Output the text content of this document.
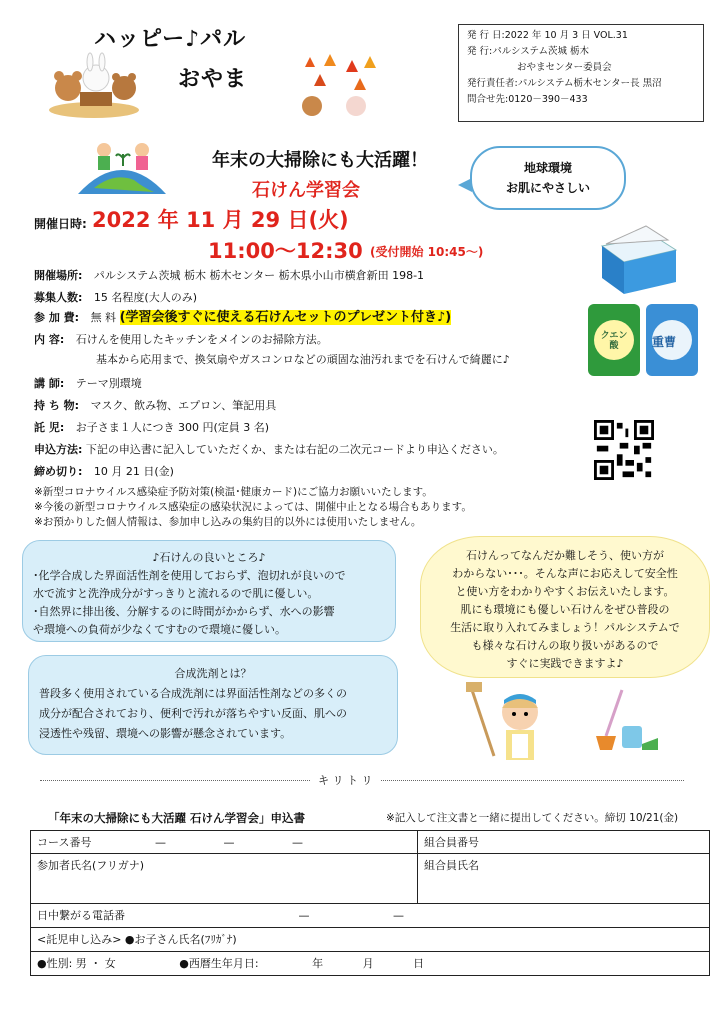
ハッピー♪パル
おやま
発 行 日:2022 年 10 月 3 日 VOL.31
発 行:パルシステム茨城 栃木
おやまセンター委員会
発行責任者:パルシステム栃木センター長 黒沼
問合せ先:0120－390－433
年末の大掃除にも大活躍！
石けん学習会
地球環境
お肌にやさしい
開催日時: 2022 年 11 月 29 日(火)
11:00～12:30 (受付開始 10:45～)
開催場所: パルシステム茨城 栃木 栃木センター 栃木県小山市横倉新田 198-1
募集人数: 15 名程度(大人のみ)
参 加 費: 無 料 (学習会後すぐに使える石けんセットのプレゼント付き♪)
内 容: 石けんを使用したキッチンをメインのお掃除方法。
基本から応用まで、換気扇やガスコンロなどの頑固な油汚れまでを石けんで綺麗に♪
クエン酸	重曹
講 師: テーマ別環境
持 ち 物: マスク、飲み物、エプロン、筆記用具
託 児: お子さま１人につき 300 円(定員 3 名)
申込方法: 下記の申込書に記入していただくか、または右記の二次元コードより申込ください。
締め切り: 10 月 21 日(金)
※新型コロナウイルス感染症予防対策(検温･健康カード)にご協力お願いいたします。
※今後の新型コロナウイルス感染症の感染状況によっては、開催中止となる場合もあります。
※お預かりした個人情報は、参加申し込みの集約目的以外には使用いたしません。
♪石けんの良いところ♪
･化学合成した界面活性剤を使用しておらず、泡切れが良いので
水で流すと洗浄成分がすっきりと流れるので肌に優しい。
･自然界に排出後、分解するのに時間がかからず、水への影響
や環境への負荷が少なくてすむので環境に優しい。
合成洗剤とは？
普段多く使用されている合成洗剤には界面活性剤などの多くの
成分が配合されており、便利で汚れが落ちやすい反面、肌への
浸透性や残留、環境への影響が懸念されています。
石けんってなんだか難しそう、使い方が
わからない･･･。そんな声にお応えして安全性
と使い方をわかりやすくお伝えいたします。
肌にも環境にも優しい石けんをぜひ普段の
生活に取り入れてみましょう！パルシステムで
も様々な石けんの取り扱いがあるので
すぐに実践できますよ♪
キ リ ト リ
「年末の大掃除にも大活躍 石けん学習会」申込書	※記入して注文書と一緒に提出してください。締切 10/21(金)
コース番号 — — —	組合員番号
参加者氏名(フリガナ)	組合員氏名
日中繋がる電話番 — —	
<託児申し込み> ●お子さん氏名(ﾌﾘｶﾞﾅ)	
●性別: 男 ・ 女 ●西暦生年月日: 年 月 日	
